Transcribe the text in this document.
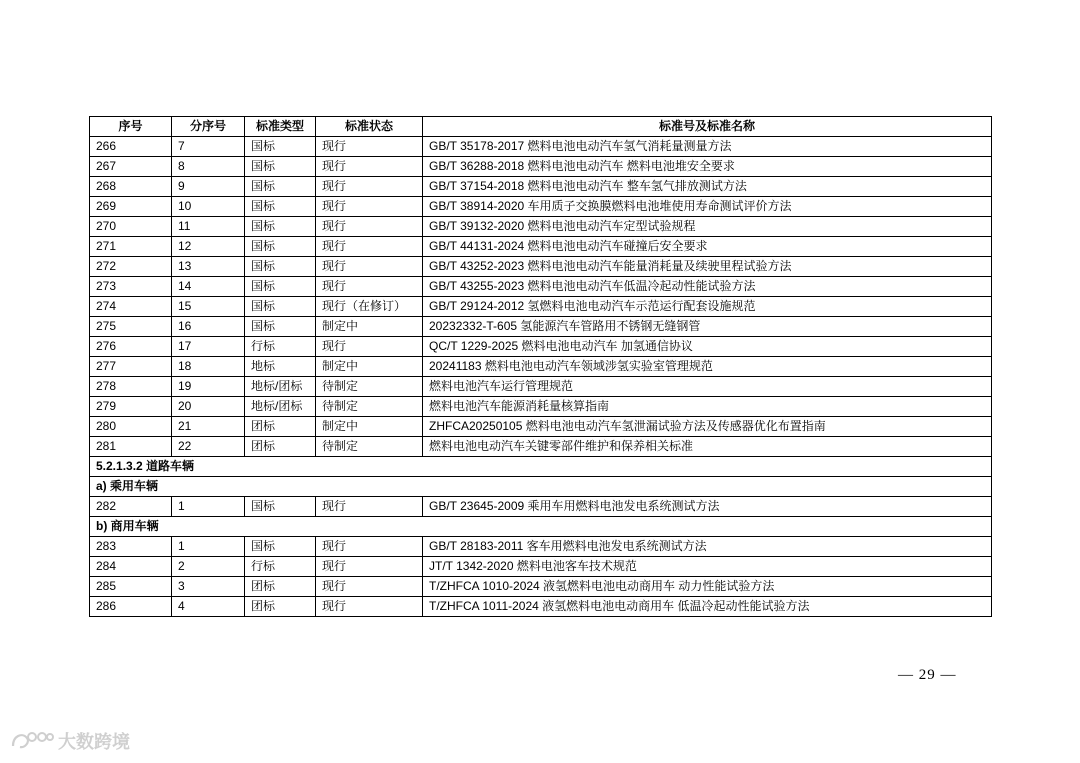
序号	分序号	标准类型	标准状态	标准号及标准名称
266	7	国标	现行	GB/T 35178-2017 燃料电池电动汽车氢气消耗量测量方法
267	8	国标	现行	GB/T 36288-2018 燃料电池电动汽车 燃料电池堆安全要求
268	9	国标	现行	GB/T 37154-2018 燃料电池电动汽车 整车氢气排放测试方法
269	10	国标	现行	GB/T 38914-2020 车用质子交换膜燃料电池堆使用寿命测试评价方法
270	11	国标	现行	GB/T 39132-2020 燃料电池电动汽车定型试验规程
271	12	国标	现行	GB/T 44131-2024 燃料电池电动汽车碰撞后安全要求
272	13	国标	现行	GB/T 43252-2023 燃料电池电动汽车能量消耗量及续驶里程试验方法
273	14	国标	现行	GB/T 43255-2023 燃料电池电动汽车低温冷起动性能试验方法
274	15	国标	现行（在修订）	GB/T 29124-2012 氢燃料电池电动汽车示范运行配套设施规范
275	16	国标	制定中	20232332-T-605 氢能源汽车管路用不锈钢无缝钢管
276	17	行标	现行	QC/T 1229-2025 燃料电池电动汽车 加氢通信协议
277	18	地标	制定中	20241183 燃料电池电动汽车领域涉氢实验室管理规范
278	19	地标/团标	待制定	燃料电池汽车运行管理规范
279	20	地标/团标	待制定	燃料电池汽车能源消耗量核算指南
280	21	团标	制定中	ZHFCA20250105 燃料电池电动汽车氢泄漏试验方法及传感器优化布置指南
281	22	团标	待制定	燃料电池电动汽车关键零部件维护和保养相关标准
5.2.1.3.2 道路车辆				
a) 乘用车辆				
282	1	国标	现行	GB/T 23645-2009 乘用车用燃料电池发电系统测试方法
b) 商用车辆				
283	1	国标	现行	GB/T 28183-2011 客车用燃料电池发电系统测试方法
284	2	行标	现行	JT/T 1342-2020 燃料电池客车技术规范
285	3	团标	现行	T/ZHFCA 1010-2024 液氢燃料电池电动商用车 动力性能试验方法
286	4	团标	现行	T/ZHFCA 1011-2024 液氢燃料电池电动商用车 低温冷起动性能试验方法
— 29 —
大数跨境
